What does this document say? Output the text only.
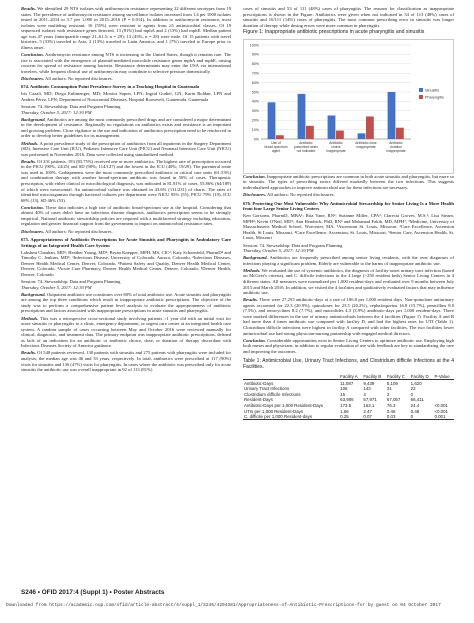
Results. We identified 29 NTS isolates with azithromycin resistance representing 22 different serotypes from 19 states. The prevalence of azithromycin resistance among surveillance isolates increased from 1.4 per 1000 isolates tested in 2011–2014 to 3.7 per 1,000 in 2015–2016 (P = 0.014). In addition to azithromycin resistance, most isolates were multidrug resistant; 16 (55%) were resistant to agents from ≥5 antimicrobial classes. Of 19 sequenced isolates with resistance genes detected, 13 (81%) had mphA and 2 (13%) had mphE. Median patient age was 47 years (interquartile range 21–61.5; n = 29); 13 (45%, n = 28) were male. Of 15 patients with travel histories, 5 (33%) traveled to Asia, 2 (13%) traveled to Latin America, and 1 (7%) traveled to Europe prior to illness onset.

Conclusion. Azithromycin resistance among NTS is increasing in the United States, though it remains rare. The rise is associated with the emergence of plasmid-mediated macrolide resistance genes mphA and mphE, raising concern for spread of resistance among bacteria. Resistance determinants may enter the USA via international travelers, while frequent clinical use of azithromycin may contribute to selective pressure domestically.

Disclosures. All authors: No reported disclosures.

674. Antibiotic Consumption Point Prevalence Survey in a Teaching Hospital in Guatemala

Iris Cazali, MD; Diego Enlimenger, MD; Monica Sapon, LPN; Ingrid Gudiel, GN; Karin Roldan, LPN and Andrea Pérez, LPN; Department of Nosocomial Diseases, Hospital Roosevelt, Guatemala, Guatemala

Session: 74. Stewardship: Data and Program Planning
Thursday, October 5, 2017: 12:30 PM

Background. Antibiotics are among the most commonly prescribed drugs and are considered a major determinant in the development of resistance. Regionally no regulations on antibiotics exists and resistance is an important and growing problem. Close vigilance to the use and indication of antibiotics prescription need to be reinforced in order to develop better guidelines for its management.

Methods. A point prevalence study of the prescription of antibiotics from all inpatients in the Surgery Department (SD), Intensive Care Unit (ICU), Pediatric Intensive Care Unit (PICU) and Neonatal Intensive Care Unit (NICU) was performed in November 2016. Data were collected using standardized method.

Results. Of 231 patients, 193 (83.75%) received one or more antibiotics. The highest rate of prescription occurred in the PICU (90%, 24/25) and SD (90%; 114/127) and the lowest in the ICU (40%; 19/29). The parenteral route was used in 100%. Carbapenems were the most commonly prescribed antibiotic in critical care units (61.53%) and combination therapy with another broad-spectrum antibiotic was found in 50% of cases. Therapeutic prescription, with either clinical or microbiological diagnosis, was indicated in 81.81% of cases, 55.86% (64/189) of which were nosocomial. An antimicrobial culture was obtained in 43.6% (131/231) of charts. The rates of identified microorganism through bacterial cultures per department were NICU 95% (55), PICU 79% (19), ICU 68% (13), SD 46% (53).

Conclusion. These data indicates a high rate of antibiotic broad-spectrum use at the hospital. Considering that almost 40% of cases didn't have an infectious disease diagnosis, antibiotics prescription seems to be strongly empirical. National antibiotic stewardship policies are required with a multifaceted strategy including education, regulation and greater financial support from the government to impact on antimicrobial resistance rates.

Disclosures. All authors: No reported disclosures.

675. Appropriateness of Antibiotic Prescriptions for Acute Sinusitis and Pharyngitis in Ambulatory Care Settings of an Integrated Health Care System

Lakshmi Chauhan, MD¹; Heather Young, MD²; Bryan Knepper, MPH, MS, CIC³; Katy Schoenfeld, PharmD⁴ and Timothy C. Jenkins, MD²; ¹Infectious Disease, University of Colorado, Aurora, Colorado, ²Infectious Diseases, Denver Health Medical Center, Denver, Colorado, ³Patient Safety and Quality, Denver Health Medical Center, Denver, Colorado, ⁴Acute Care Pharmacy, Denver Health Medical Center, Denver, Colorado, ⁵Denver Health, Denver, Colorado

Session: 74. Stewardship: Data and Program Planning
Thursday, October 5, 2017: 12:30 PM

Background. Outpatient antibiotic use constitutes over 80% of total antibiotic use. Acute sinusitis and pharyngitis are among the top three conditions which result in inappropriate antibiotic prescriptions. The objective of the study was to perform a comprehensive patient level analysis to evaluate the appropriateness of antibiotic prescriptions and factors associated with inappropriate prescriptions in acute sinusitis and pharyngitis.

Methods. This was a retrospective cross-sectional study involving patients >1 year old with an initial visit for acute sinusitis or pharyngitis to a clinic, emergency department, or urgent care center at an integrated health care system. A random sample of cases occurring between May and October 2016 were reviewed manually for clinical, diagnostic, and treatment data. The primary endpoint was inappropriate antibiotic prescriptions, defined as lack of an indication for an antibiotic or antibiotic choice, dose, or duration of therapy discordant with Infectious Diseases Society of America guidance.

Results. Of 540 patients reviewed, 130 patients with sinusitis and 275 patients with pharyngitis were included for analysis; the median age was 46 and 33 years, respectively. In total, antibiotics were prescribed at 117 (90%) visits for sinusitis and 136 (47%) visits for pharyngitis. In cases where the antibiotic was prescribed only for acute sinusitis the antibiotic use was overall inappropriate in 92 of 113 (81%)

cases of sinusitis and 53 of 111 (48%) cases of pharyngitis. The reasons for classification as inappropriate prescriptions is shown in the Figure. Antibiotics were given when not indicated in 54 of 113 (48%) cases of sinusitis and 16/111 (14%) cases of pharyngitis. The most common prescribing error in sinusitis was longer duration of therapy while dosing errors were more common in pharyngitis.

Figure 1: Inappropriate antibiotic prescriptions in acute pharyngitis and sinusitis
0%
10%
20%
30%
40%
50%
60%
70%
80%
90%
100%
Use of broad-spectrum agent
Antibiotic prescribed when not indicated
Antibiotic choice inappropriate
Antibiotic dose inappropriate
Antibiotic duration inappropriate
Sinusitis
Pharyngitis

Conclusion. Inappropriate antibiotic prescriptions are common in both acute sinusitis and pharyngitis, but more so in sinusitis. The types of prescribing errors differed markedly between the two infections. This suggests individualized approaches to improve antimicrobial use for these infections are necessary.

Disclosures. All authors: No reported disclosures.

676. Protecting Our Most Vulnerable: Why Antimicrobial Stewardship for Senior Living Is a More Health from four Large Senior Living Centers

Ken Gorsorm, PharmD, MBA¹; Rita Vane, RN²; Suzanne Miller, CPA³; Clarecia Groves, M.S.¹; Lisa Stearn, MPH⁴; Kevin O'Neil, MD⁵; Ann Hendrick, PhD, RN⁶ and Mohamad Fakih, MD, MPH⁷; ¹Medicine, University of Massachusetts Medical School, Worcester, MA, ²Ascension St. Louis, Missouri, ³Care Excellence, Ascension Health, St Louis, Missouri, ⁴Care Excellence, Ascension, St. Louis, Missouri, ⁵Senior Care, Ascension Health, St. Louis, Missouri

Session: 74. Stewardship: Data and Program Planning
Thursday, October 5, 2017: 12:30 PM

Background. Antibiotics are frequently prescribed among senior living residents, with the over diagnoses of infections playing a significant problem. Elderly are vulnerable to the harms of inappropriate antibiotic use.

Methods. We evaluated the use of systemic antibiotics, the diagnosis of facility-onset urinary tract infection (based on McGeer's criteria), and C. difficile infections in the 4 large (>250 resident beds) Senior Living Centers in 4 different states. All measures were normalized per 1,000 resident-days and evaluated over 9 months between July 2015 and March 2016. In addition, we visited the 4 facilities and qualitatively evaluated factors that may influence antibiotic use.

Results. There were 27,255 antibiotic-days at a rate of 106.8 per 1,000 resident days. Non-quinolone antiurinary agents accounted for 22.3 (20.9%), quinolones for 23.5 (20.2%), cephalosporins 16.8 (15.7%), penicillins 8.0 (7.5%), and tetracyclines 8.2 (7.7%), and macrolides 4.3 (3.9%) antibiotic-days per 1,000 resident-days. There were marked differences in the use of urinary antimicrobials between the 4 facilities (Figure 1). Facility A and B had more than 4 times antibiotic use compared with facility D, and had the highest rates for UTI (Table 1). Clostridium difficile infections were highest in facility A compared with other facilities. The two facilities lower antimicrobial use had strong physician-nursing partnership with engaged medical directors.

Conclusion. Considerable opportunities exist in Senior Living Centers to optimize antibiotic use. Employing high both nurses and physicians, in addition to regular evaluation of use with feedback are key to standardizing the care and improving the outcomes.

Table 1: Antimicrobial Use, Urinary Tract Infections, and Clostridium difficile Infections at the 4 Facilities.
	Facility A	Facility B	Facility C	Facility D	P-Value
Antibiotic-Days	11,087	9,439	5,109	1,620	
Urinary Tract Infections	106	143	31	22	
Clostridium difficile Infections	16	4	2	0	
Resident-Days	63,906	57,971	67,057	66,411	
Antibiotic-Days per 1,000 Resident-Days	173.5	163.1	76.3	24.4	<0.001
UTIs per 1,000 Resident-Days	1.66	2.47	0.46	0.48	<0.001
C. difficile per 1,000 Resident-days	0.25	0.07	0.03	0	0.001
S246 • OFID 2017:4 (Suppl 1) • Poster Abstracts
Downloaded from https://academic.oup.com/ofid/article-abstract/4/suppl_1/S246/4294381/Appropriateness-of-Antibiotic-Prescriptions-for by guest on 04 October 2017
